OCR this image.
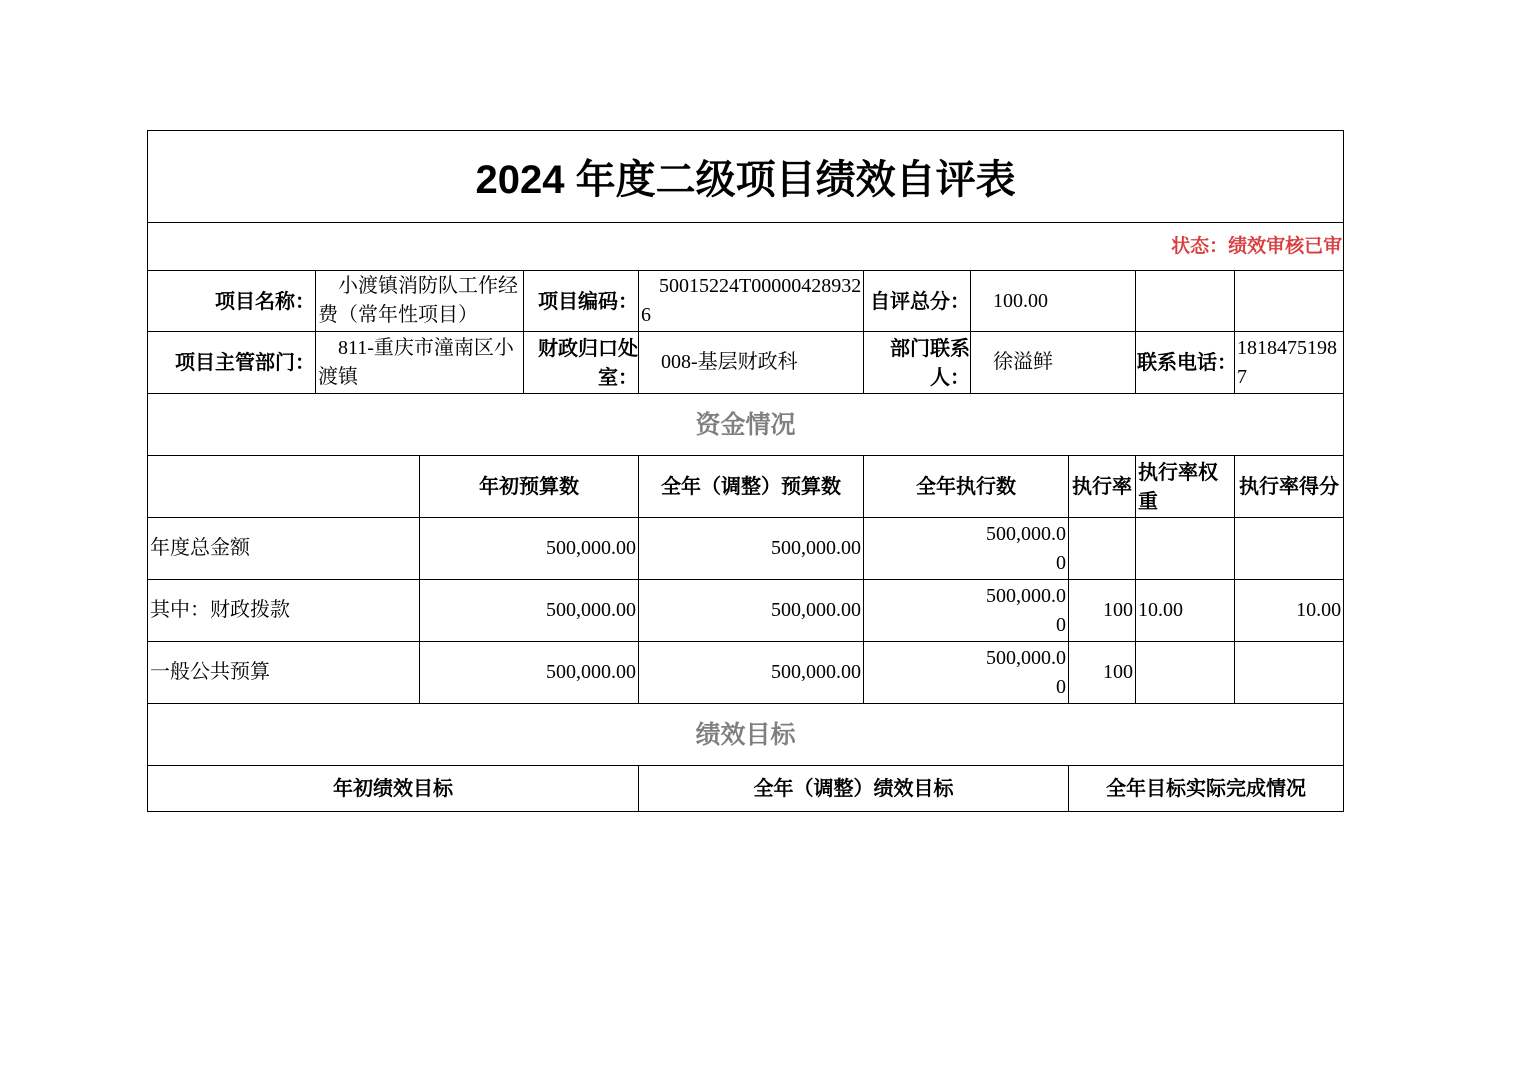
2024 年度二级项目绩效自评表									
状态：绩效审核已审									
项目名称：	小渡镇消防队工作经费（常年性项目）		项目编码：	50015224T000004289326	自评总分：	100.00			
项目主管部门：	811-重庆市潼南区小渡镇		财政归口处室：	008-基层财政科	部门联系人：	徐溢鲜		联系电话：	18184751987
资金情况									
		年初预算数		全年（调整）预算数	全年执行数		执行率	执行率权重	执行率得分
年度总金额		500,000.00		500,000.00	500,000.00				

其中：财政拨款		500,000.00		500,000.00	500,000.00		100	10.00	10.00
一般公共预算		500,000.00		500,000.00	500,000.00		100		
绩效目标									
年初绩效目标				全年（调整）绩效目标			全年目标实际完成情况		
